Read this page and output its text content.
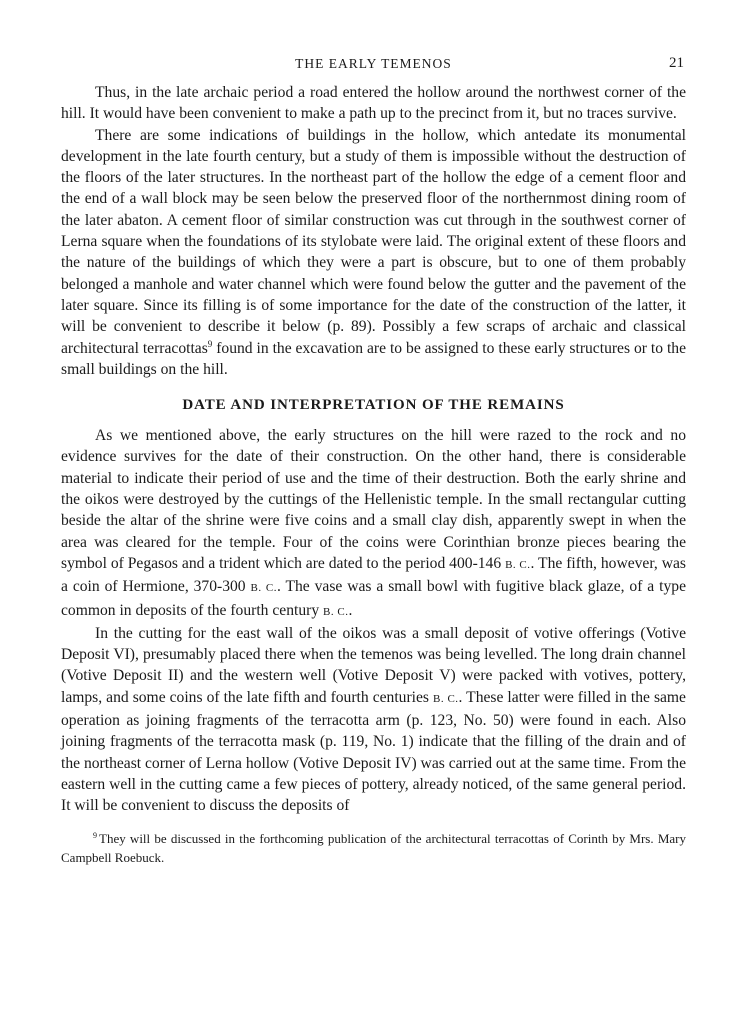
THE EARLY TEMENOS	21

Thus, in the late archaic period a road entered the hollow around the northwest corner of the hill. It would have been convenient to make a path up to the precinct from it, but no traces survive.

There are some indications of buildings in the hollow, which antedate its monumental development in the late fourth century, but a study of them is impossible without the destruction of the floors of the later structures. In the northeast part of the hollow the edge of a cement floor and the end of a wall block may be seen below the preserved floor of the northernmost dining room of the later abaton. A cement floor of similar construction was cut through in the southwest corner of Lerna square when the foundations of its stylobate were laid. The original extent of these floors and the nature of the buildings of which they were a part is obscure, but to one of them probably belonged a manhole and water channel which were found below the gutter and the pavement of the later square. Since its filling is of some importance for the date of the construction of the latter, it will be convenient to describe it below (p. 89). Possibly a few scraps of archaic and classical architectural terracottas$^9$ found in the excavation are to be assigned to these early structures or to the small buildings on the hill.

DATE AND INTERPRETATION OF THE REMAINS

As we mentioned above, the early structures on the hill were razed to the rock and no evidence survives for the date of their construction. On the other hand, there is considerable material to indicate their period of use and the time of their destruction. Both the early shrine and the oikos were destroyed by the cuttings of the Hellenistic temple. In the small rectangular cutting beside the altar of the shrine were five coins and a small clay dish, apparently swept in when the area was cleared for the temple. Four of the coins were Corinthian bronze pieces bearing the symbol of Pegasos and a trident which are dated to the period 400-146 B. C.. The fifth, however, was a coin of Hermione, 370-300 B. C.. The vase was a small bowl with fugitive black glaze, of a type common in deposits of the fourth century B. C..

In the cutting for the east wall of the oikos was a small deposit of votive offerings (Votive Deposit VI), presumably placed there when the temenos was being levelled. The long drain channel (Votive Deposit II) and the western well (Votive Deposit V) were packed with votives, pottery, lamps, and some coins of the late fifth and fourth centuries B. C.. These latter were filled in the same operation as joining fragments of the terracotta arm (p. 123, No. 50) were found in each. Also joining fragments of the terracotta mask (p. 119, No. 1) indicate that the filling of the drain and of the northeast corner of Lerna hollow (Votive Deposit IV) was carried out at the same time. From the eastern well in the cutting came a few pieces of pottery, already noticed, of the same general period. It will be convenient to discuss the deposits of

$^9$ They will be discussed in the forthcoming publication of the architectural terracottas of Corinth by Mrs. Mary Campbell Roebuck.
